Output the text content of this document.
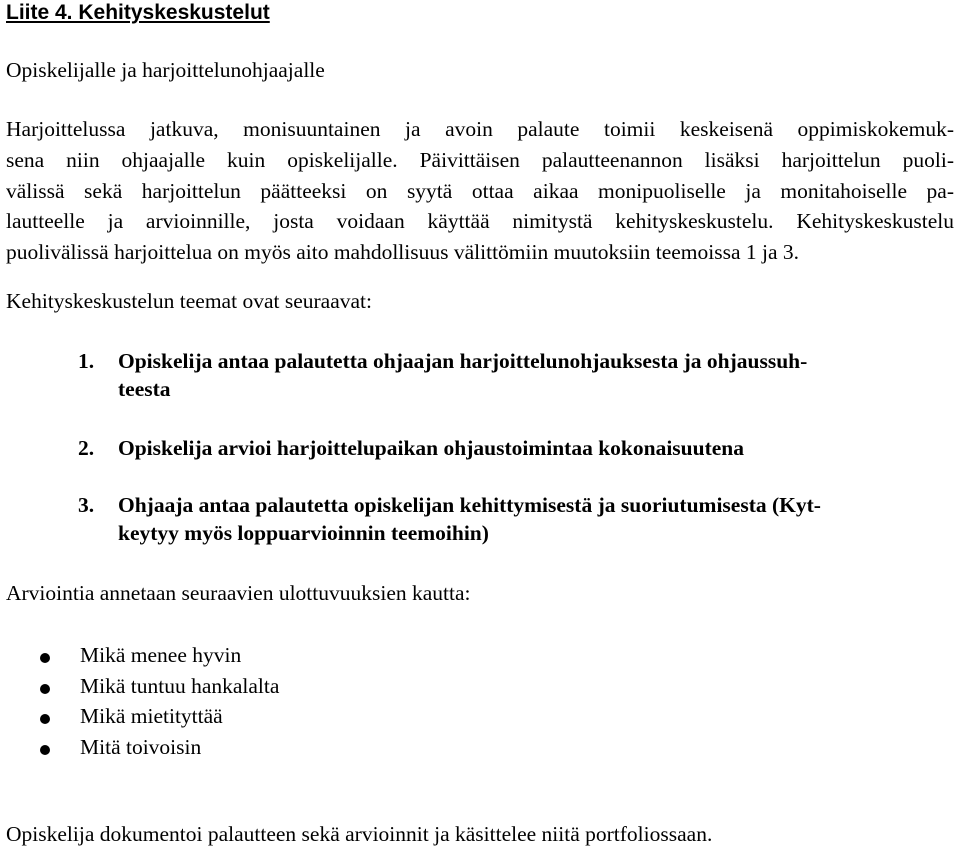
Liite 4. Kehityskeskustelut
Opiskelijalle ja harjoittelunohjaajalle
Harjoittelussa jatkuva, monisuuntainen ja avoin palaute toimii keskeisenä oppimiskokemuk-
sena niin ohjaajalle kuin opiskelijalle. Päivittäisen palautteenannon lisäksi harjoittelun puoli-
välissä sekä harjoittelun päätteeksi on syytä ottaa aikaa monipuoliselle ja monitahoiselle pa-
lautteelle ja arvioinnille, josta voidaan käyttää nimitystä kehityskeskustelu. Kehityskeskustelu
puolivälissä harjoittelua on myös aito mahdollisuus välittömiin muutoksiin teemoissa 1 ja 3.
Kehityskeskustelun teemat ovat seuraavat:
1. Opiskelija antaa palautetta ohjaajan harjoittelunohjauksesta ja ohjaussuh-
teesta
2. Opiskelija arvioi harjoittelupaikan ohjaustoimintaa kokonaisuutena
3. Ohjaaja antaa palautetta opiskelijan kehittymisestä ja suoriutumisesta (Kyt-
keytyy myös loppuarvioinnin teemoihin)
Arviointia annetaan seuraavien ulottuvuuksien kautta:
Mikä menee hyvin
Mikä tuntuu hankalalta
Mikä mietityttää
Mitä toivoisin
Opiskelija dokumentoi palautteen sekä arvioinnit ja käsittelee niitä portfoliossaan.
